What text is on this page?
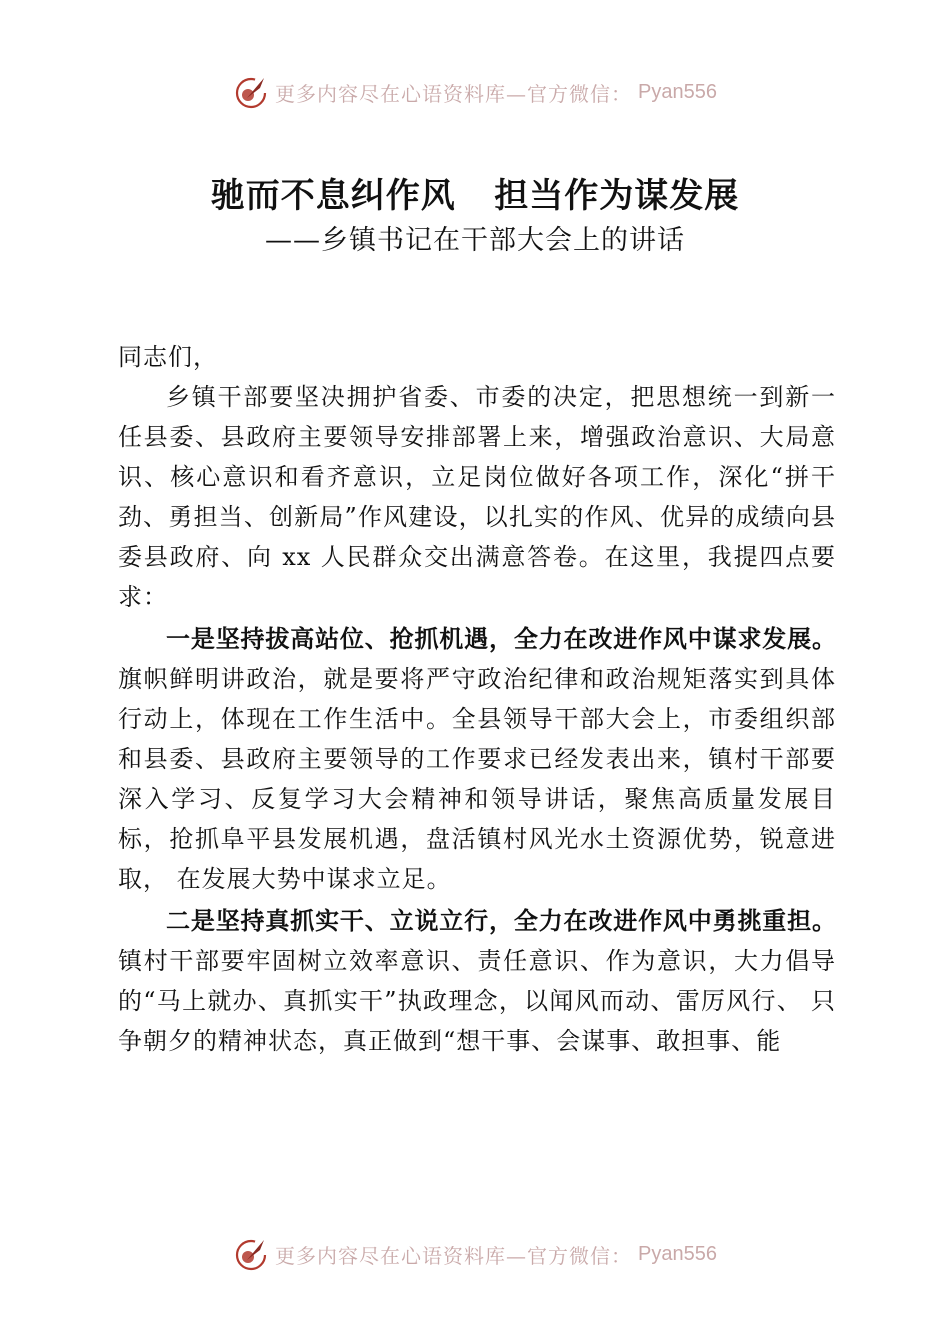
更多内容尽在心语资料库—官方微信： Pyan556
驰而不息纠作风   担当作为谋发展
——乡镇书记在干部大会上的讲话

同志们，

乡镇干部要坚决拥护省委、市委的决定，把思想统一到新一任县委、县政府主要领导安排部署上来，增强政治意识、大局意识、核心意识和看齐意识，立足岗位做好各项工作，深化“拼干劲、勇担当、创新局”作风建设，以扎实的作风、优异的成绩向县委县政府、向 xx 人民群众交出满意答卷。在这里，我提四点要求：

一是坚持拔高站位、抢抓机遇，全力在改进作风中谋求发展。旗帜鲜明讲政治，就是要将严守政治纪律和政治规矩落实到具体行动上，体现在工作生活中。全县领导干部大会上，市委组织部和县委、县政府主要领导的工作要求已经发表出来，镇村干部要深入学习、反复学习大会精神和领导讲话，聚焦高质量发展目标，抢抓阜平县发展机遇，盘活镇村风光水土资源优势，锐意进取， 在发展大势中谋求立足。

二是坚持真抓实干、立说立行，全力在改进作风中勇挑重担。镇村干部要牢固树立效率意识、责任意识、作为意识，大力倡导的“马上就办、真抓实干”执政理念，以闻风而动、雷厉风行、 只争朝夕的精神状态，真正做到“想干事、会谋事、敢担事、能

更多内容尽在心语资料库—官方微信： Pyan556
